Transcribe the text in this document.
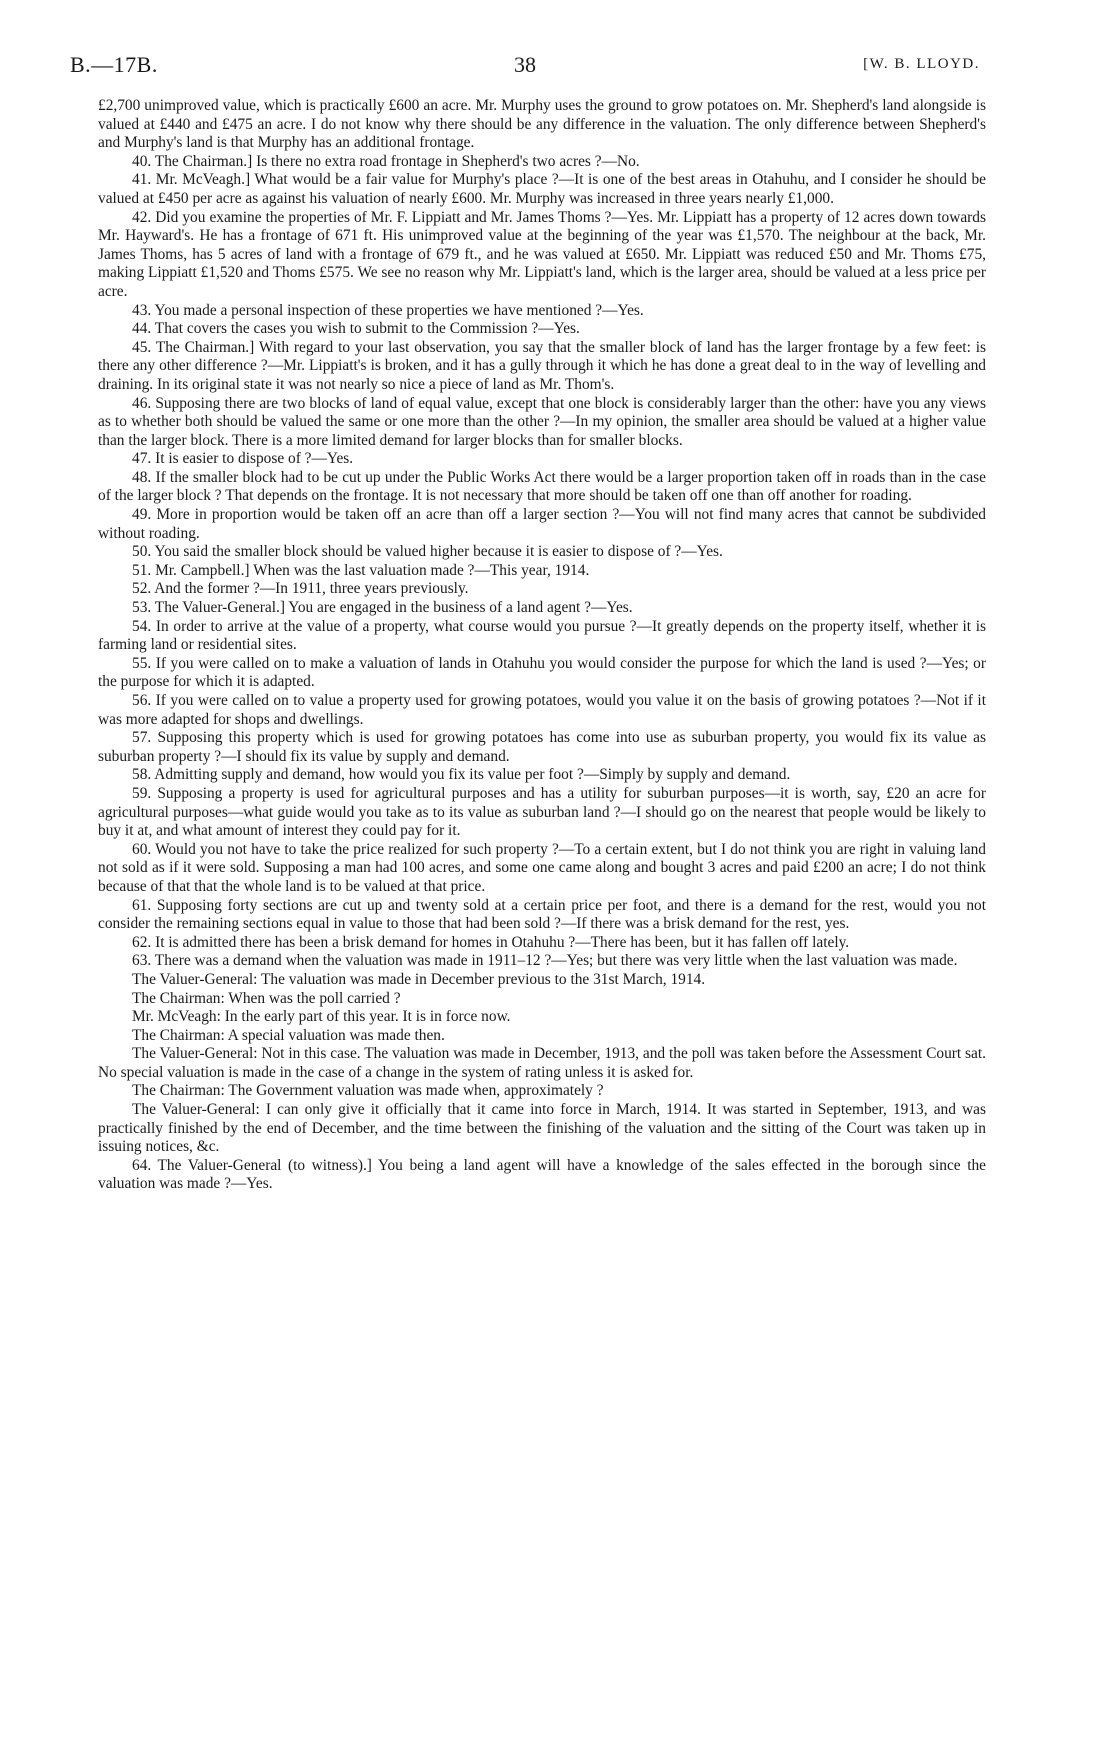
38
B.—17B.	[W. B. LLOYD.

£2,700 unimproved value, which is practically £600 an acre. Mr. Murphy uses the ground to grow potatoes on. Mr. Shepherd's land alongside is valued at £440 and £475 an acre. I do not know why there should be any difference in the valuation. The only difference between Shepherd's and Murphy's land is that Murphy has an additional frontage.

40. The Chairman.] Is there no extra road frontage in Shepherd's two acres ?—No.

41. Mr. McVeagh.] What would be a fair value for Murphy's place ?—It is one of the best areas in Otahuhu, and I consider he should be valued at £450 per acre as against his valuation of nearly £600. Mr. Murphy was increased in three years nearly £1,000.

42. Did you examine the properties of Mr. F. Lippiatt and Mr. James Thoms ?—Yes. Mr. Lippiatt has a property of 12 acres down towards Mr. Hayward's. He has a frontage of 671 ft. His unimproved value at the beginning of the year was £1,570. The neighbour at the back, Mr. James Thoms, has 5 acres of land with a frontage of 679 ft., and he was valued at £650. Mr. Lippiatt was reduced £50 and Mr. Thoms £75, making Lippiatt £1,520 and Thoms £575. We see no reason why Mr. Lippiatt's land, which is the larger area, should be valued at a less price per acre.

43. You made a personal inspection of these properties we have mentioned ?—Yes.

44. That covers the cases you wish to submit to the Commission ?—Yes.

45. The Chairman.] With regard to your last observation, you say that the smaller block of land has the larger frontage by a few feet: is there any other difference ?—Mr. Lippiatt's is broken, and it has a gully through it which he has done a great deal to in the way of levelling and draining. In its original state it was not nearly so nice a piece of land as Mr. Thom's.

46. Supposing there are two blocks of land of equal value, except that one block is considerably larger than the other: have you any views as to whether both should be valued the same or one more than the other ?—In my opinion, the smaller area should be valued at a higher value than the larger block. There is a more limited demand for larger blocks than for smaller blocks.

47. It is easier to dispose of ?—Yes.

48. If the smaller block had to be cut up under the Public Works Act there would be a larger proportion taken off in roads than in the case of the larger block ? That depends on the frontage. It is not necessary that more should be taken off one than off another for roading.

49. More in proportion would be taken off an acre than off a larger section ?—You will not find many acres that cannot be subdivided without roading.

50. You said the smaller block should be valued higher because it is easier to dispose of ?—Yes.

51. Mr. Campbell.] When was the last valuation made ?—This year, 1914.

52. And the former ?—In 1911, three years previously.

53. The Valuer-General.] You are engaged in the business of a land agent ?—Yes.

54. In order to arrive at the value of a property, what course would you pursue ?—It greatly depends on the property itself, whether it is farming land or residential sites.

55. If you were called on to make a valuation of lands in Otahuhu you would consider the purpose for which the land is used ?—Yes; or the purpose for which it is adapted.

56. If you were called on to value a property used for growing potatoes, would you value it on the basis of growing potatoes ?—Not if it was more adapted for shops and dwellings.

57. Supposing this property which is used for growing potatoes has come into use as suburban property, you would fix its value as suburban property ?—I should fix its value by supply and demand.

58. Admitting supply and demand, how would you fix its value per foot ?—Simply by supply and demand.

59. Supposing a property is used for agricultural purposes and has a utility for suburban purposes—it is worth, say, £20 an acre for agricultural purposes—what guide would you take as to its value as suburban land ?—I should go on the nearest that people would be likely to buy it at, and what amount of interest they could pay for it.

60. Would you not have to take the price realized for such property ?—To a certain extent, but I do not think you are right in valuing land not sold as if it were sold. Supposing a man had 100 acres, and some one came along and bought 3 acres and paid £200 an acre; I do not think because of that that the whole land is to be valued at that price.

61. Supposing forty sections are cut up and twenty sold at a certain price per foot, and there is a demand for the rest, would you not consider the remaining sections equal in value to those that had been sold ?—If there was a brisk demand for the rest, yes.

62. It is admitted there has been a brisk demand for homes in Otahuhu ?—There has been, but it has fallen off lately.

63. There was a demand when the valuation was made in 1911–12 ?—Yes; but there was very little when the last valuation was made.

The Valuer-General: The valuation was made in December previous to the 31st March, 1914.

The Chairman: When was the poll carried ?

Mr. McVeagh: In the early part of this year. It is in force now.

The Chairman: A special valuation was made then.

The Valuer-General: Not in this case. The valuation was made in December, 1913, and the poll was taken before the Assessment Court sat. No special valuation is made in the case of a change in the system of rating unless it is asked for.

The Chairman: The Government valuation was made when, approximately ?

The Valuer-General: I can only give it officially that it came into force in March, 1914. It was started in September, 1913, and was practically finished by the end of December, and the time between the finishing of the valuation and the sitting of the Court was taken up in issuing notices, &c.

64. The Valuer-General (to witness).] You being a land agent will have a knowledge of the sales effected in the borough since the valuation was made ?—Yes.
